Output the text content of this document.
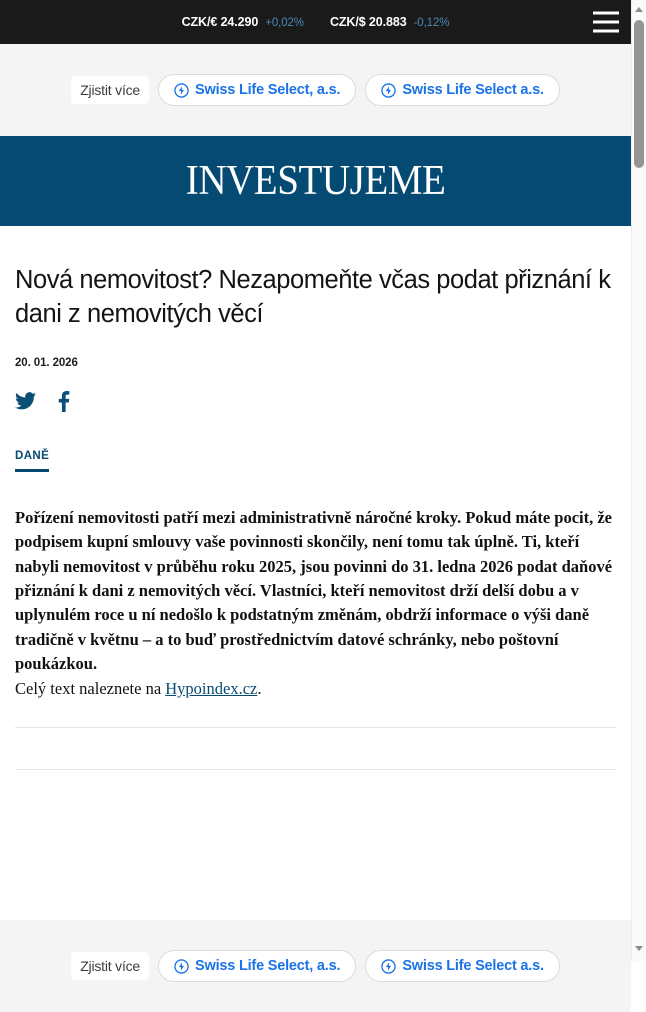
CZK/€ 24.290 +0,02% CZK/$ 20.883 -0,12%
Zjistit více	Swiss Life Select, a.s.	Swiss Life Select a.s.
INVESTUJEME
Nová nemovitost? Nezapomeňte včas podat přiznání k dani z nemovitých věcí
20. 01. 2026
DANĚ

Pořízení nemovitosti patří mezi administrativně náročné kroky. Pokud máte pocit, že podpisem kupní smlouvy vaše povinnosti skončily, není tomu tak úplně. Ti, kteří nabyli nemovitost v průběhu roku 2025, jsou povinni do 31. ledna 2026 podat daňové přiznání k dani z nemovitých věcí. Vlastníci, kteří nemovitost drží delší dobu a v uplynulém roce u ní nedošlo k podstatným změnám, obdrží informace o výši daně tradičně v květnu – a to buď prostřednictvím datové schránky, nebo poštovní poukázkou.

Celý text naleznete na Hypoindex.cz.

Zjistit více	Swiss Life Select, a.s.	Swiss Life Select a.s.
